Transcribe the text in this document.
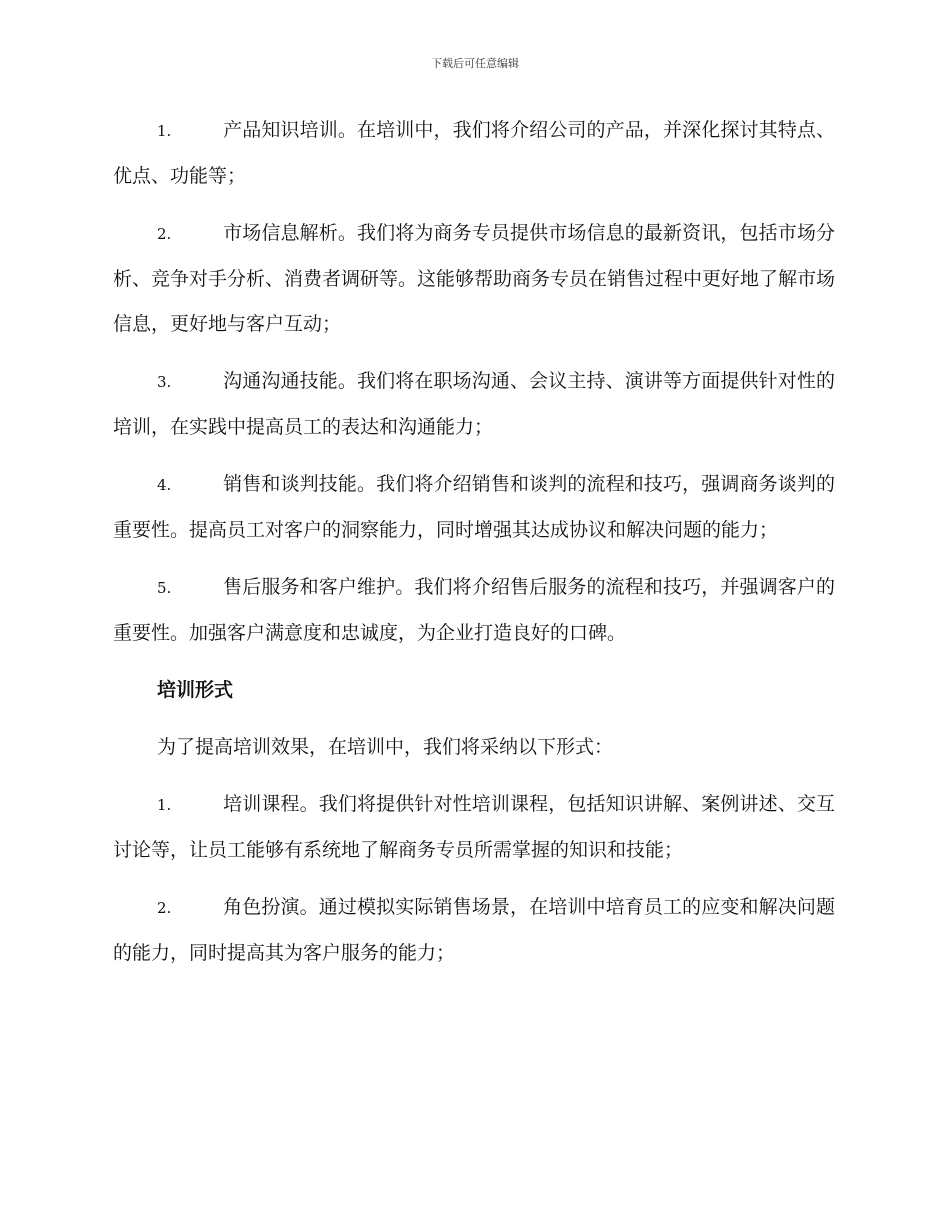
下载后可任意编辑

1.	产品知识培训。在培训中，我们将介绍公司的产品，并深化探讨其特点、优点、功能等；

2.	市场信息解析。我们将为商务专员提供市场信息的最新资讯，包括市场分析、竞争对手分析、消费者调研等。这能够帮助商务专员在销售过程中更好地了解市场信息，更好地与客户互动；

3.	沟通沟通技能。我们将在职场沟通、会议主持、演讲等方面提供针对性的培训，在实践中提高员工的表达和沟通能力；

4.	销售和谈判技能。我们将介绍销售和谈判的流程和技巧，强调商务谈判的重要性。提高员工对客户的洞察能力，同时增强其达成协议和解决问题的能力；

5.	售后服务和客户维护。我们将介绍售后服务的流程和技巧，并强调客户的重要性。加强客户满意度和忠诚度，为企业打造良好的口碑。

培训形式

为了提高培训效果，在培训中，我们将采纳以下形式：

1.	培训课程。我们将提供针对性培训课程，包括知识讲解、案例讲述、交互讨论等，让员工能够有系统地了解商务专员所需掌握的知识和技能；

2.	角色扮演。通过模拟实际销售场景，在培训中培育员工的应变和解决问题的能力，同时提高其为客户服务的能力；
